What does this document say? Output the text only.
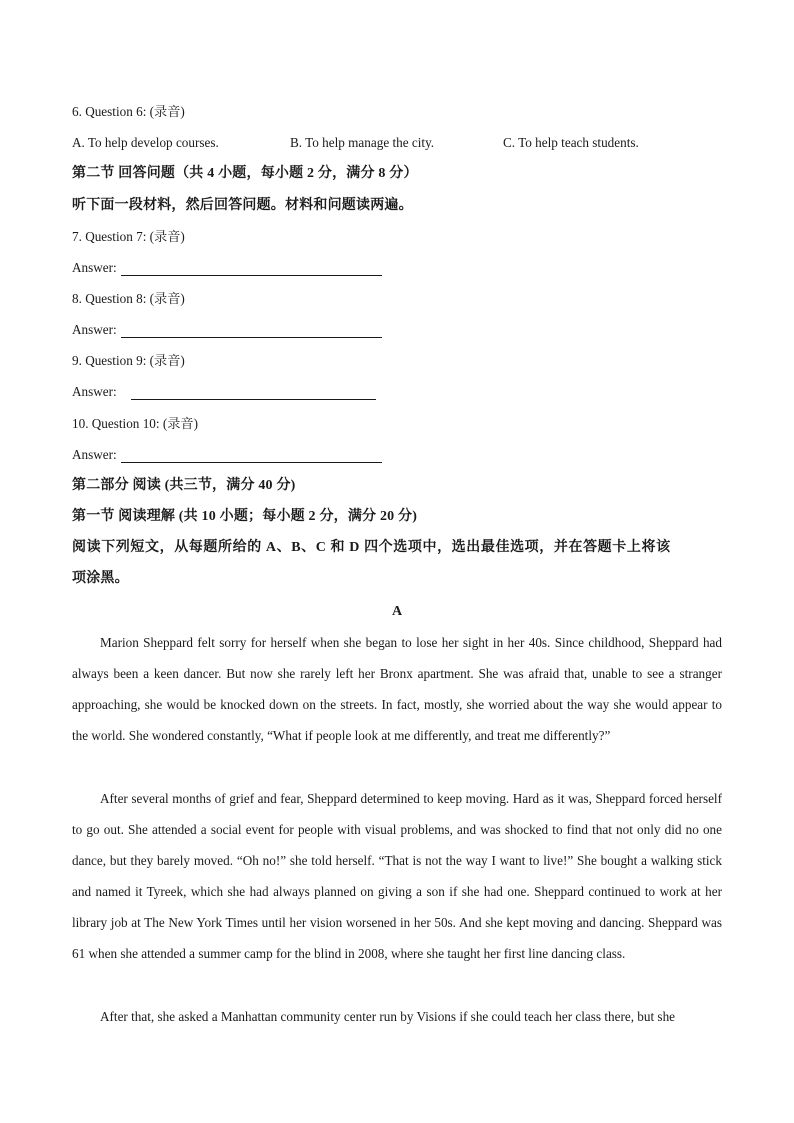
6. Question 6: (录音)
A. To help develop courses.	B. To help manage the city.	C. To help teach students.
第二节 回答问题（共 4 小题，每小题 2 分，满分 8 分）
听下面一段材料，然后回答问题。材料和问题读两遍。
7. Question 7: (录音)
Answer:
8. Question 8: (录音)
Answer:
9. Question 9: (录音)
Answer:
10. Question 10: (录音)
Answer:
第二部分 阅读 (共三节，满分 40 分)
第一节 阅读理解 (共 10 小题；每小题 2 分，满分 20 分)
阅读下列短文，从每题所给的 A、B、C 和 D 四个选项中，选出最佳选项，并在答题卡上将该
项涂黑。
A
Marion Sheppard felt sorry for herself when she began to lose her sight in her 40s. Since childhood, Sheppard had always been a keen dancer. But now she rarely left her Bronx apartment. She was afraid that, unable to see a stranger approaching, she would be knocked down on the streets. In fact, mostly, she worried about the way she would appear to the world. She wondered constantly, “What if people look at me differently, and treat me differently?”
After several months of grief and fear, Sheppard determined to keep moving. Hard as it was, Sheppard forced herself to go out. She attended a social event for people with visual problems, and was shocked to find that not only did no one dance, but they barely moved. “Oh no!” she told herself. “That is not the way I want to live!” She bought a walking stick and named it Tyreek, which she had always planned on giving a son if she had one. Sheppard continued to work at her library job at The New York Times until her vision worsened in her 50s. And she kept moving and dancing. Sheppard was 61 when she attended a summer camp for the blind in 2008, where she taught her first line dancing class.
After that, she asked a Manhattan community center run by Visions if she could teach her class there, but she
